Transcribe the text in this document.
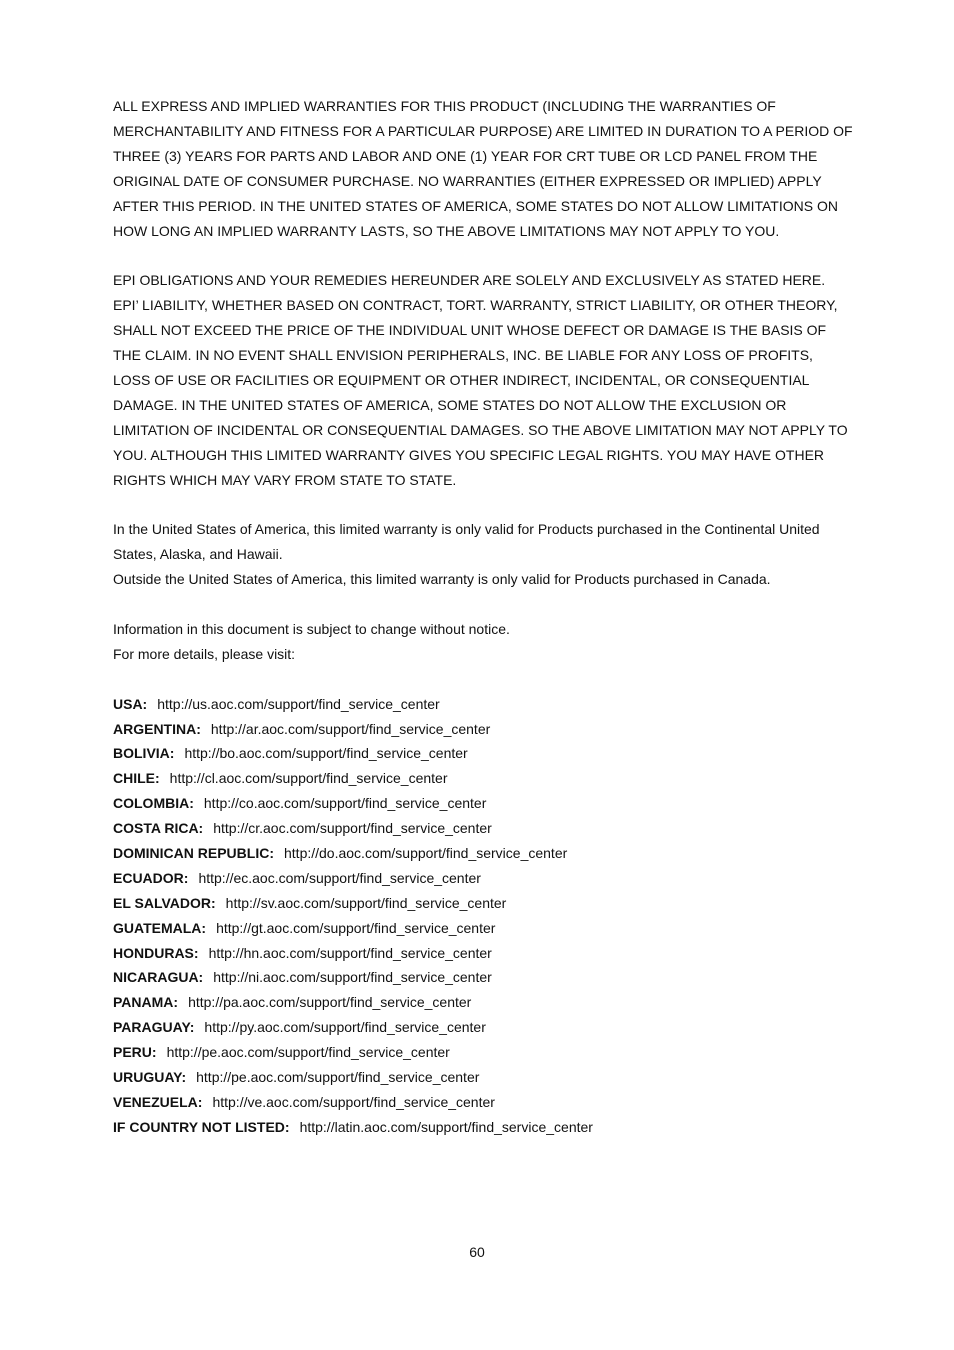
ALL EXPRESS AND IMPLIED WARRANTIES FOR THIS PRODUCT (INCLUDING THE WARRANTIES OF MERCHANTABILITY AND FITNESS FOR A PARTICULAR PURPOSE) ARE LIMITED IN DURATION TO A PERIOD OF THREE (3) YEARS FOR PARTS AND LABOR AND ONE (1) YEAR FOR CRT TUBE OR LCD PANEL FROM THE ORIGINAL DATE OF CONSUMER PURCHASE. NO WARRANTIES (EITHER EXPRESSED OR IMPLIED) APPLY AFTER THIS PERIOD. IN THE UNITED STATES OF AMERICA, SOME STATES DO NOT ALLOW LIMITATIONS ON HOW LONG AN IMPLIED WARRANTY LASTS, SO THE ABOVE LIMITATIONS MAY NOT APPLY TO YOU.

EPI OBLIGATIONS AND YOUR REMEDIES HEREUNDER ARE SOLELY AND EXCLUSIVELY AS STATED HERE. EPI’ LIABILITY, WHETHER BASED ON CONTRACT, TORT. WARRANTY, STRICT LIABILITY, OR OTHER THEORY, SHALL NOT EXCEED THE PRICE OF THE INDIVIDUAL UNIT WHOSE DEFECT OR DAMAGE IS THE BASIS OF THE CLAIM. IN NO EVENT SHALL ENVISION PERIPHERALS, INC. BE LIABLE FOR ANY LOSS OF PROFITS, LOSS OF USE OR FACILITIES OR EQUIPMENT OR OTHER INDIRECT, INCIDENTAL, OR CONSEQUENTIAL DAMAGE. IN THE UNITED STATES OF AMERICA, SOME STATES DO NOT ALLOW THE EXCLUSION OR LIMITATION OF INCIDENTAL OR CONSEQUENTIAL DAMAGES. SO THE ABOVE LIMITATION MAY NOT APPLY TO YOU. ALTHOUGH THIS LIMITED WARRANTY GIVES YOU SPECIFIC LEGAL RIGHTS. YOU MAY HAVE OTHER RIGHTS WHICH MAY VARY FROM STATE TO STATE.

In the United States of America, this limited warranty is only valid for Products purchased in the Continental United States, Alaska, and Hawaii.

Outside the United States of America, this limited warranty is only valid for Products purchased in Canada.

Information in this document is subject to change without notice.

For more details, please visit:

USA: http://us.aoc.com/support/find_service_center
ARGENTINA: http://ar.aoc.com/support/find_service_center
BOLIVIA: http://bo.aoc.com/support/find_service_center
CHILE: http://cl.aoc.com/support/find_service_center
COLOMBIA: http://co.aoc.com/support/find_service_center
COSTA RICA: http://cr.aoc.com/support/find_service_center
DOMINICAN REPUBLIC: http://do.aoc.com/support/find_service_center
ECUADOR: http://ec.aoc.com/support/find_service_center
EL SALVADOR: http://sv.aoc.com/support/find_service_center
GUATEMALA: http://gt.aoc.com/support/find_service_center
HONDURAS: http://hn.aoc.com/support/find_service_center
NICARAGUA: http://ni.aoc.com/support/find_service_center
PANAMA: http://pa.aoc.com/support/find_service_center
PARAGUAY: http://py.aoc.com/support/find_service_center
PERU: http://pe.aoc.com/support/find_service_center
URUGUAY: http://pe.aoc.com/support/find_service_center
VENEZUELA: http://ve.aoc.com/support/find_service_center
IF COUNTRY NOT LISTED: http://latin.aoc.com/support/find_service_center
60
